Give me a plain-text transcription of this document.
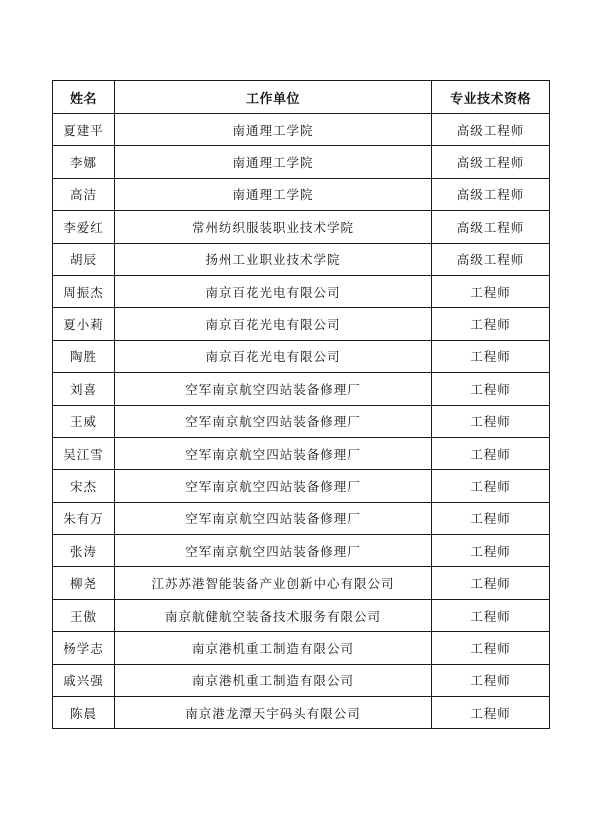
姓名	工作单位	专业技术资格
夏建平	南通理工学院	高级工程师
李娜	南通理工学院	高级工程师
高洁	南通理工学院	高级工程师
李爱红	常州纺织服装职业技术学院	高级工程师
胡辰	扬州工业职业技术学院	高级工程师
周振杰	南京百花光电有限公司	工程师
夏小莉	南京百花光电有限公司	工程师
陶胜	南京百花光电有限公司	工程师
刘喜	空军南京航空四站装备修理厂	工程师
王威	空军南京航空四站装备修理厂	工程师
吴江雪	空军南京航空四站装备修理厂	工程师
宋杰	空军南京航空四站装备修理厂	工程师
朱有万	空军南京航空四站装备修理厂	工程师
张涛	空军南京航空四站装备修理厂	工程师
柳尧	江苏苏港智能装备产业创新中心有限公司	工程师
王傲	南京航健航空装备技术服务有限公司	工程师
杨学志	南京港机重工制造有限公司	工程师
戚兴强	南京港机重工制造有限公司	工程师
陈晨	南京港龙潭天宇码头有限公司	工程师
